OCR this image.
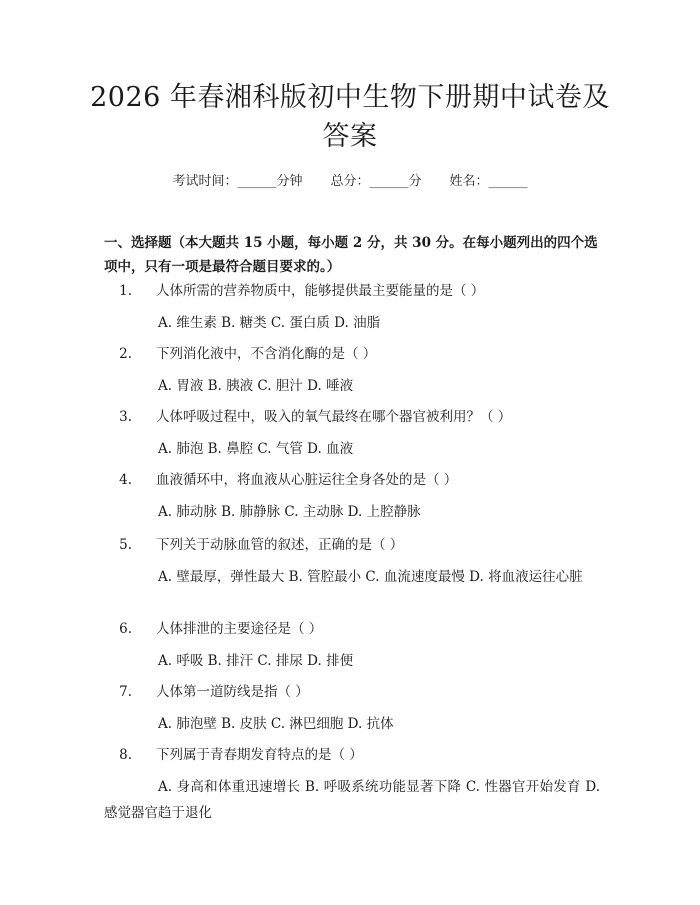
2026 年春湘科版初中生物下册期中试卷及答案
考试时间：______分钟 总分：______分 姓名：______
一、选择题（本大题共 15 小题，每小题 2 分，共 30 分。在每小题列出的四个选项中，只有一项是最符合题目要求的。）
1. 人体所需的营养物质中，能够提供最主要能量的是（ ）
A. 维生素 B. 糖类 C. 蛋白质 D. 油脂
2. 下列消化液中，不含消化酶的是（ ）
A. 胃液 B. 胰液 C. 胆汁 D. 唾液
3. 人体呼吸过程中，吸入的氧气最终在哪个器官被利用？（ ）
A. 肺泡 B. 鼻腔 C. 气管 D. 血液
4. 血液循环中，将血液从心脏运往全身各处的是（ ）
A. 肺动脉 B. 肺静脉 C. 主动脉 D. 上腔静脉
5. 下列关于动脉血管的叙述，正确的是（ ）
A. 壁最厚，弹性最大 B. 管腔最小 C. 血流速度最慢 D. 将血液运往心脏
6. 人体排泄的主要途径是（ ）
A. 呼吸 B. 排汗 C. 排尿 D. 排便
7. 人体第一道防线是指（ ）
A. 肺泡壁 B. 皮肤 C. 淋巴细胞 D. 抗体
8. 下列属于青春期发育特点的是（ ）
A. 身高和体重迅速增长 B. 呼吸系统功能显著下降 C. 性器官开始发育 D. 感觉器官趋于退化
